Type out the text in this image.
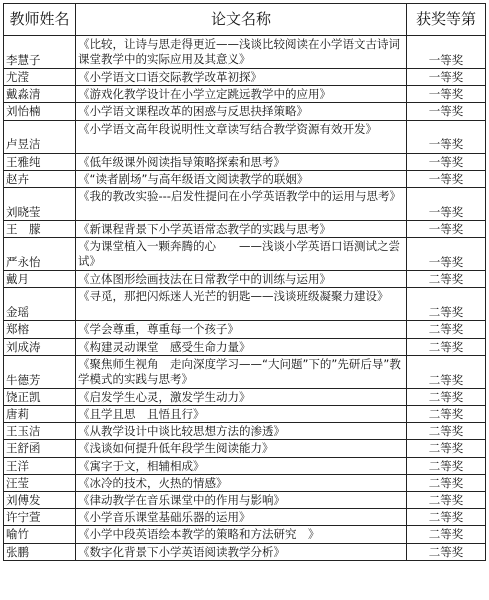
教师姓名	论文名称	获奖等第
李慧子	《比较，让诗与思走得更近——浅谈比较阅读在小学语文古诗词课堂教学中的实际应用及其意义》	一等奖
尤滢	《小学语文口语交际教学改革初探》	一等奖
戴淼清	《游戏化教学设计在小学立定跳远教学中的应用》	一等奖
刘怡楠	《小学语文课程改革的困惑与反思抉择策略》	一等奖
卢昱洁	《小学语文高年段说明性文章读写结合教学资源有效开发》	一等奖
王雅纯	《低年级课外阅读指导策略探索和思考》	一等奖
赵卉	《“读者剧场”与高年级语文阅读教学的联姻》	一等奖
刘晓莹	《我的教改实验---启发性提问在小学英语教学中的运用与思考》	一等奖
王　朦	《新课程背景下小学英语常态教学的实践与思考》	一等奖
严永怡	《为课堂植入一颗奔腾的心　　——浅谈小学英语口语测试之尝试》	一等奖
戴月	《立体图形绘画技法在日常教学中的训练与运用》	二等奖
金瑶	《寻觅，那把闪烁迷人光芒的钥匙——浅谈班级凝聚力建设》	二等奖
郑榕	《学会尊重，尊重每一个孩子》	二等奖
刘成涛	《构建灵动课堂　感受生命力量》	二等奖
牛德芳	《聚焦师生视角　走向深度学习——“大问题”下的”先研后导”教学模式的实践与思考》	二等奖
饶正凯	《启发学生心灵，激发学生动力》	二等奖
唐莉	《且学且思　且悟且行》	二等奖
王玉洁	《从教学设计中谈比较思想方法的渗透》	二等奖
王舒函	《浅谈如何提升低年段学生阅读能力》	二等奖
王洋	《寓字于文，相辅相成》	二等奖
汪莹	《冰冷的技术，火热的情感》	二等奖
刘傅发	《律动教学在音乐课堂中的作用与影响》	二等奖
许宁萱	《小学音乐课堂基础乐器的运用》	二等奖
喻竹	《小学中段英语绘本教学的策略和方法研究　》	二等奖
张鹏	《数字化背景下小学英语阅读教学分析》	二等奖
